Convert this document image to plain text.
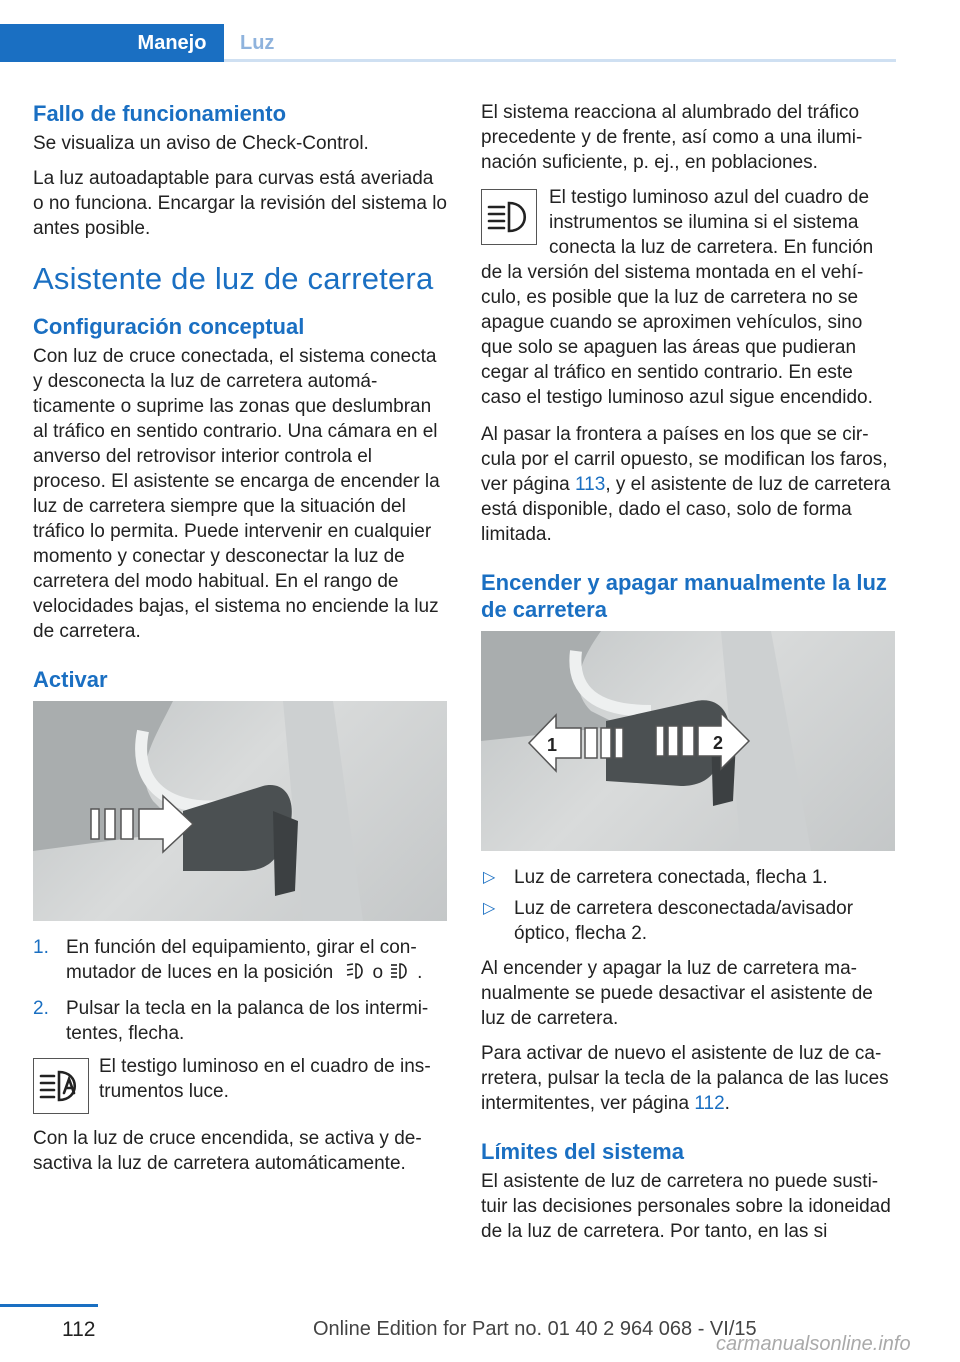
Manejo	Luz
Fallo de funcionamiento

Se visualiza un aviso de Check-Control.

La luz autoadaptable para curvas está averiada o no funciona. Encargar la revisión del sistema lo antes posible.

Asistente de luz de carretera
Configuración conceptual

Con luz de cruce conectada, el sistema conecta y desconecta la luz de carretera automáticamente o suprime las zonas que deslumbran al tráfico en sentido contrario. Una cámara en el anverso del retrovisor interior controla el proceso. El asistente se encarga de encender la luz de carretera siempre que la situación del tráfico lo permita. Puede intervenir en cualquier momento y conectar y desconectar la luz de carretera del modo habitual. En el rango de velocidades bajas, el sistema no enciende la luz de carretera.

Activar
1. En función del equipamiento, girar el conmutador de luces en la posición o .
2. Pulsar la tecla en la palanca de los intermitentes, flecha.
El testigo luminoso en el cuadro de instrumentos luce.

Con la luz de cruce encendida, se activa y desactiva la luz de carretera automáticamente.

El sistema reacciona al alumbrado del tráfico precedente y de frente, así como a una iluminación suficiente, p. ej., en poblaciones.

El testigo luminoso azul del cuadro de instrumentos se ilumina si el sistema conecta la luz de carretera. En función de la versión del sistema montada en el vehículo, es posible que la luz de carretera no se apague cuando se aproximen vehículos, sino que solo se apaguen las áreas que pudieran cegar al tráfico en sentido contrario. En este caso el testigo luminoso azul sigue encendido.

Al pasar la frontera a países en los que se circula por el carril opuesto, se modifican los faros, ver página 113, y el asistente de luz de carretera está disponible, dado el caso, solo de forma limitada.

Encender y apagar manualmente la luz de carretera
1	2
▷ Luz de carretera conectada, flecha 1.
▷ Luz de carretera desconectada/avisador óptico, flecha 2.

Al encender y apagar la luz de carretera manualmente se puede desactivar el asistente de luz de carretera.

Para activar de nuevo el asistente de luz de carretera, pulsar la tecla de la palanca de las luces intermitentes, ver página 112.

Límites del sistema

El asistente de luz de carretera no puede sustituir las decisiones personales sobre la idoneidad de la luz de carretera. Por tanto, en las si

112	Online Edition for Part no. 01 40 2 964 068 - VI/15
carmanualsonline.info
